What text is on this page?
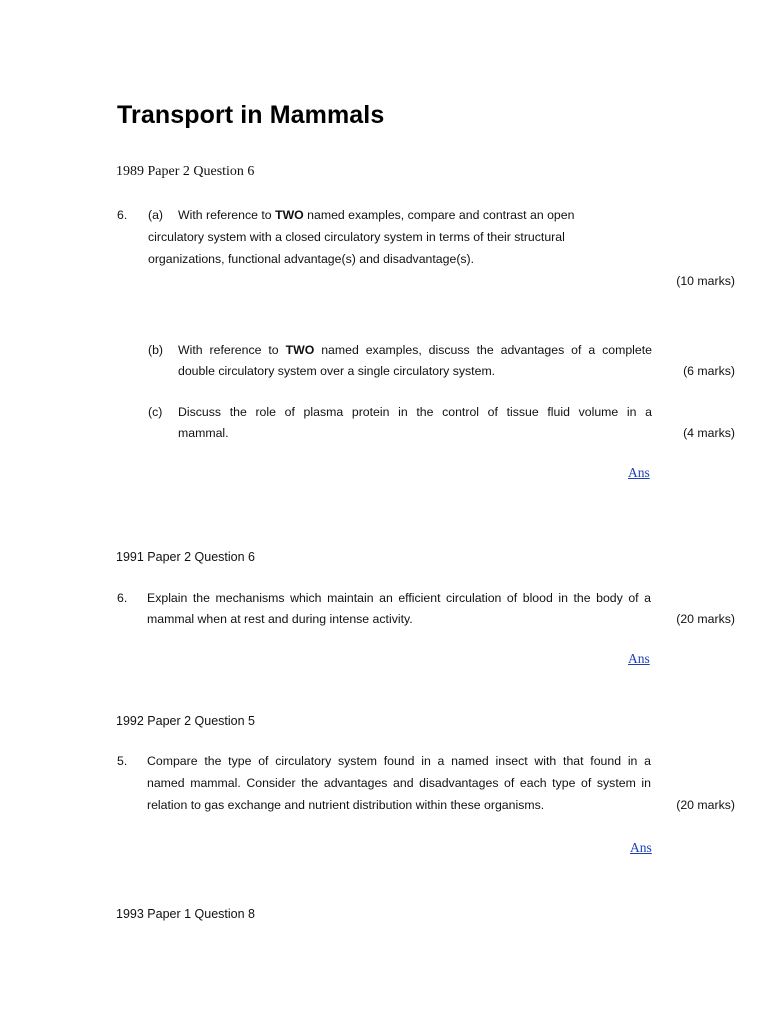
Transport in Mammals
1989 Paper 2 Question 6
6. (a) With reference to TWO named examples, compare and contrast an open
circulatory system with a closed circulatory system in terms of their structural
organizations, functional advantage(s) and disadvantage(s).
(10 marks)
(b) With reference to TWO named examples, discuss the advantages of a complete
double circulatory system over a single circulatory system.	(6 marks)
(c) Discuss the role of plasma protein in the control of tissue fluid volume in a
mammal.	(4 marks)
Ans
1991 Paper 2 Question 6
6. Explain the mechanisms which maintain an efficient circulation of blood in the body of a
mammal when at rest and during intense activity.	(20 marks)
Ans
1992 Paper 2 Question 5
5. Compare the type of circulatory system found in a named insect with that found in a
named mammal. Consider the advantages and disadvantages of each type of system in
relation to gas exchange and nutrient distribution within these organisms.	(20 marks)
Ans
1993 Paper 1 Question 8
